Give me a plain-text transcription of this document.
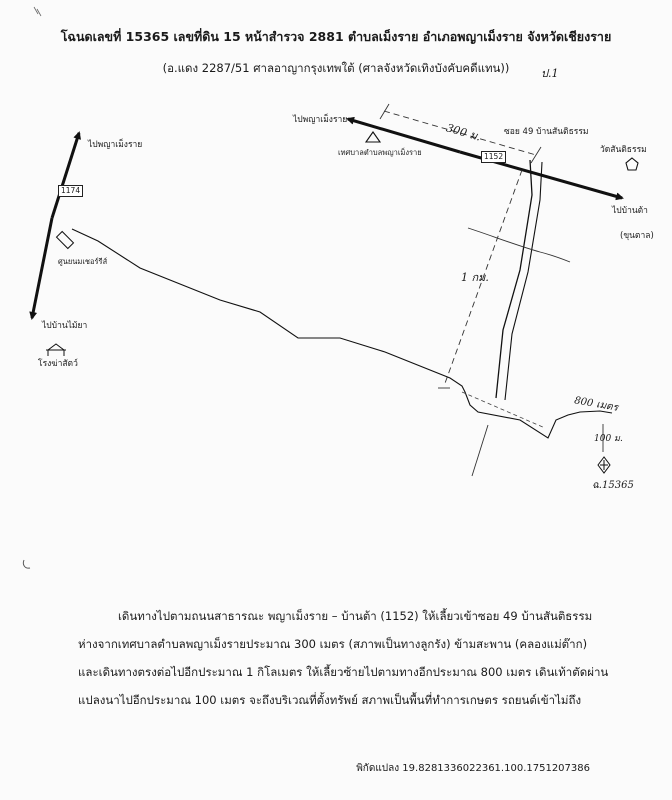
โฉนดเลขที่ 15365 เลขที่ดิน 15 หน้าสำรวจ 2881 ตำบลเม็งราย อำเภอพญาเม็งราย จังหวัดเชียงราย
(อ.แดง 2287/51 ศาลอาญากรุงเทพใต้ (ศาลจังหวัดเทิงบังคับคดีแทน))	ป.1
1174
1152
ไปพญาเม็งราย
ไปบ้านไม้ยา
โรงฆ่าสัตว์
ศูนยนมเชอร์รีส์
ไปพญาเม็งราย
เทศบาลตำบลพญาเม็งราย
300 ม.	ซอย 49 บ้านสันติธรรม
วัดสันติธรรม
ไปบ้านต้า
(ขุนตาล)
1 กม.
800 เมตร
100 ม.
ฉ.15365
เดินทางไปตามถนนสาธารณะ พญาเม็งราย – บ้านต้า (1152) ให้เลี้ยวเข้าซอย 49 บ้านสันติธรรม
ห่างจากเทศบาลตำบลพญาเม็งรายประมาณ 300 เมตร (สภาพเป็นทางลูกรัง) ข้ามสะพาน (คลองแม่ต๊าก)
และเดินทางตรงต่อไปอีกประมาณ 1 กิโลเมตร ให้เลี้ยวซ้ายไปตามทางอีกประมาณ 800 เมตร เดินเท้าตัดผ่าน
แปลงนาไปอีกประมาณ 100 เมตร จะถึงบริเวณที่ตั้งทรัพย์ สภาพเป็นพื้นที่ทำการเกษตร รถยนต์เข้าไม่ถึง
พิกัดแปลง 19.8281336022361.100.1751207386
